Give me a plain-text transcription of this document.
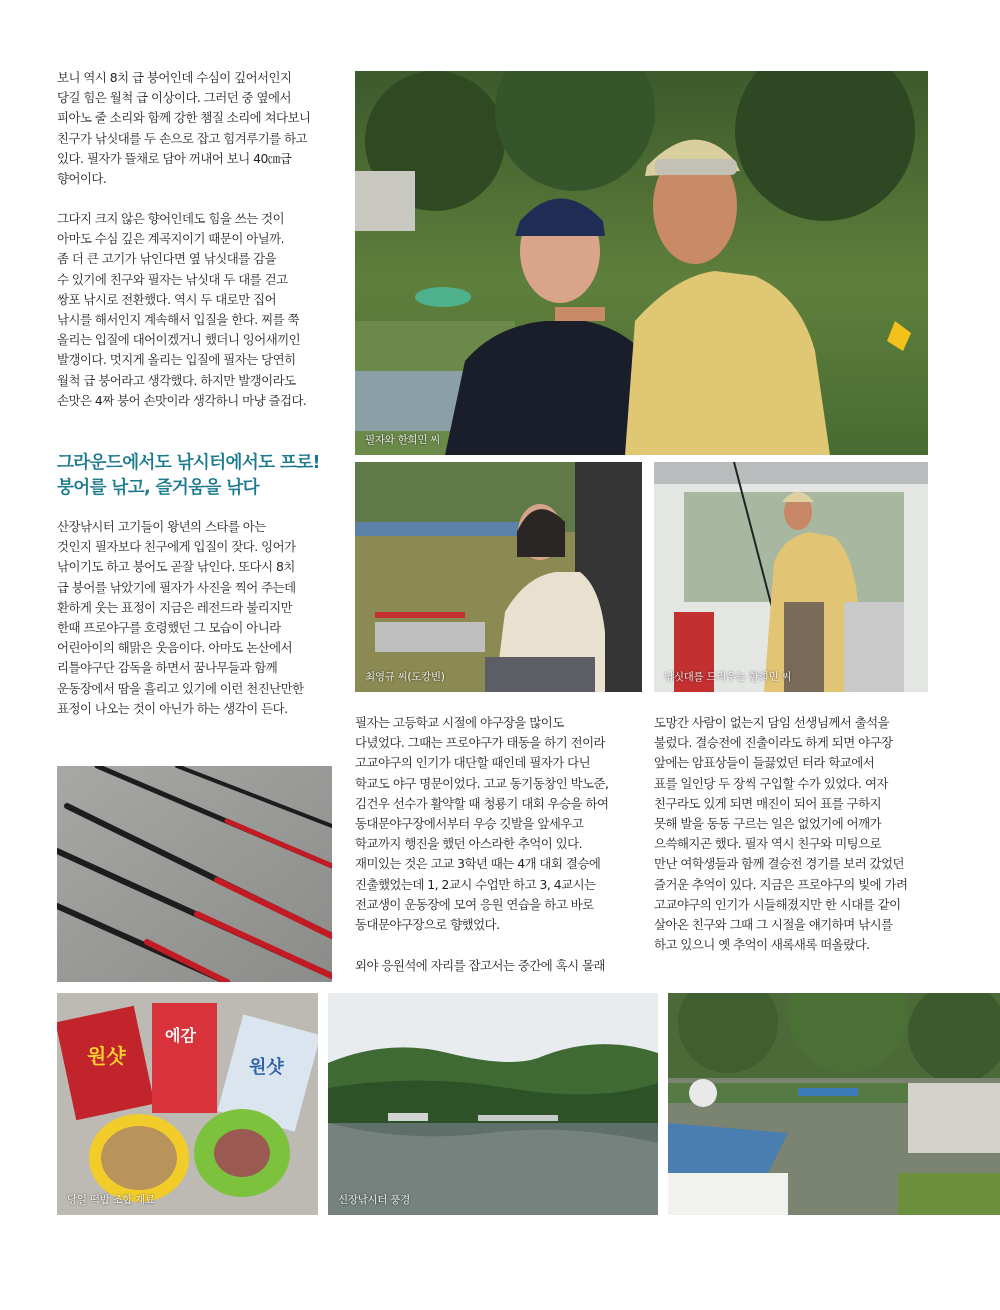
보니 역시 8치 급 붕어인데 수심이 깊어서인지
당길 힘은 월척 급 이상이다. 그러던 중 옆에서
피아노 줄 소리와 함께 강한 챔질 소리에 쳐다보니
친구가 낚싯대를 두 손으로 잡고 힘겨루기를 하고
있다. 필자가 뜰채로 담아 꺼내어 보니 40㎝급
향어이다.
그다지 크지 않은 향어인데도 힘을 쓰는 것이
아마도 수심 깊은 계곡지이기 때문이 아닐까.
좀 더 큰 고기가 낚인다면 옆 낚싯대를 감을
수 있기에 친구와 필자는 낚싯대 두 대를 걷고
쌍포 낚시로 전환했다. 역시 두 대로만 집어
낚시를 해서인지 계속해서 입질을 한다. 찌를 쭉
올리는 입질에 대어이겠거니 했더니 잉어새끼인
발갱이다. 멋지게 올리는 입질에 필자는 당연히
월척 급 붕어라고 생각했다. 하지만 발갱이라도
손맛은 4짜 붕어 손맛이라 생각하니 마냥 즐겁다.
그라운드에서도 낚시터에서도 프로!
붕어를 낚고, 즐거움을 낚다
산장낚시터 고기들이 왕년의 스타를 아는
것인지 필자보다 친구에게 입질이 잦다. 잉어가
낚이기도 하고 붕어도 곧잘 낚인다. 또다시 8치
급 붕어를 낚았기에 필자가 사진을 찍어 주는데
환하게 웃는 표정이 지금은 레전드라 불리지만
한때 프로야구를 호령했던 그 모습이 아니라
어린아이의 해맑은 웃음이다. 아마도 논산에서
리틀야구단 감독을 하면서 꿈나무들과 함께
운동장에서 땀을 흘리고 있기에 이런 천진난만한
표정이 나오는 것이 아닌가 하는 생각이 든다.
필자는 고등학교 시절에 야구장을 많이도
다녔었다. 그때는 프로야구가 태동을 하기 전이라
고교야구의 인기가 대단할 때인데 필자가 다닌
학교도 야구 명문이었다. 고교 동기동창인 박노준,
김건우 선수가 활약할 때 청룡기 대회 우승을 하여
동대문야구장에서부터 우승 깃발을 앞세우고
학교까지 행진을 했던 아스라한 추억이 있다.
재미있는 것은 고교 3학년 때는 4개 대회 결승에
진출했었는데 1, 2교시 수업만 하고 3, 4교시는
전교생이 운동장에 모여 응원 연습을 하고 바로
동대문야구장으로 향했었다.
외야 응원석에 자리를 잡고서는 중간에 혹시 몰래
도망간 사람이 없는지 담임 선생님께서 출석을
불렀다. 결승전에 진출이라도 하게 되면 야구장
앞에는 암표상들이 들끓었던 터라 학교에서
표를 일인당 두 장씩 구입할 수가 있었다. 여자
친구라도 있게 되면 매진이 되어 표를 구하지
못해 발을 동동 구르는 일은 없었기에 어깨가
으쓱해지곤 했다. 필자 역시 친구와 미팅으로
만난 여학생들과 함께 결승전 경기를 보러 갔었던
즐거운 추억이 있다. 지금은 프로야구의 빛에 가려
고교야구의 인기가 시들해졌지만 한 시대를 같이
살아온 친구와 그때 그 시절을 얘기하며 낚시를
하고 있으니 옛 추억이 새록새록 떠올랐다.
필자와 한희민 씨
최영규 씨(도캉빈)	낚싯대를 드리우는 한희민 씨
원샷
에감
원샷
당일 떡밥 조합 재료	신장낚시터 풍경
